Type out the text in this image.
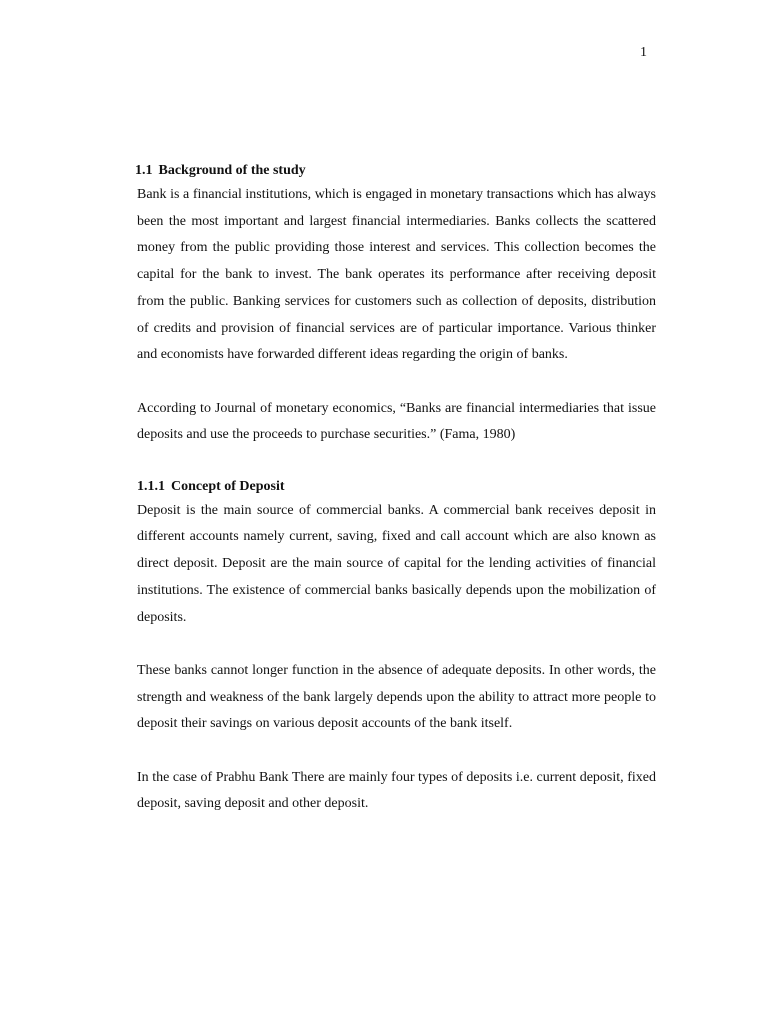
1
1.1 Background of the study

Bank is a financial institutions, which is engaged in monetary transactions which has always been the most important and largest financial intermediaries. Banks collects the scattered money from the public providing those interest and services. This collection becomes the capital for the bank to invest. The bank operates its performance after receiving deposit from the public. Banking services for customers such as collection of deposits, distribution of credits and provision of financial services are of particular importance. Various thinker and economists have forwarded different ideas regarding the origin of banks.

According to Journal of monetary economics, “Banks are financial intermediaries that issue deposits and use the proceeds to purchase securities.” (Fama, 1980)

1.1.1 Concept of Deposit

Deposit is the main source of commercial banks. A commercial bank receives deposit in different accounts namely current, saving, fixed and call account which are also known as direct deposit. Deposit are the main source of capital for the lending activities of financial institutions. The existence of commercial banks basically depends upon the mobilization of deposits.

These banks cannot longer function in the absence of adequate deposits. In other words, the strength and weakness of the bank largely depends upon the ability to attract more people to deposit their savings on various deposit accounts of the bank itself.

In the case of Prabhu Bank There are mainly four types of deposits i.e. current deposit, fixed deposit, saving deposit and other deposit.
